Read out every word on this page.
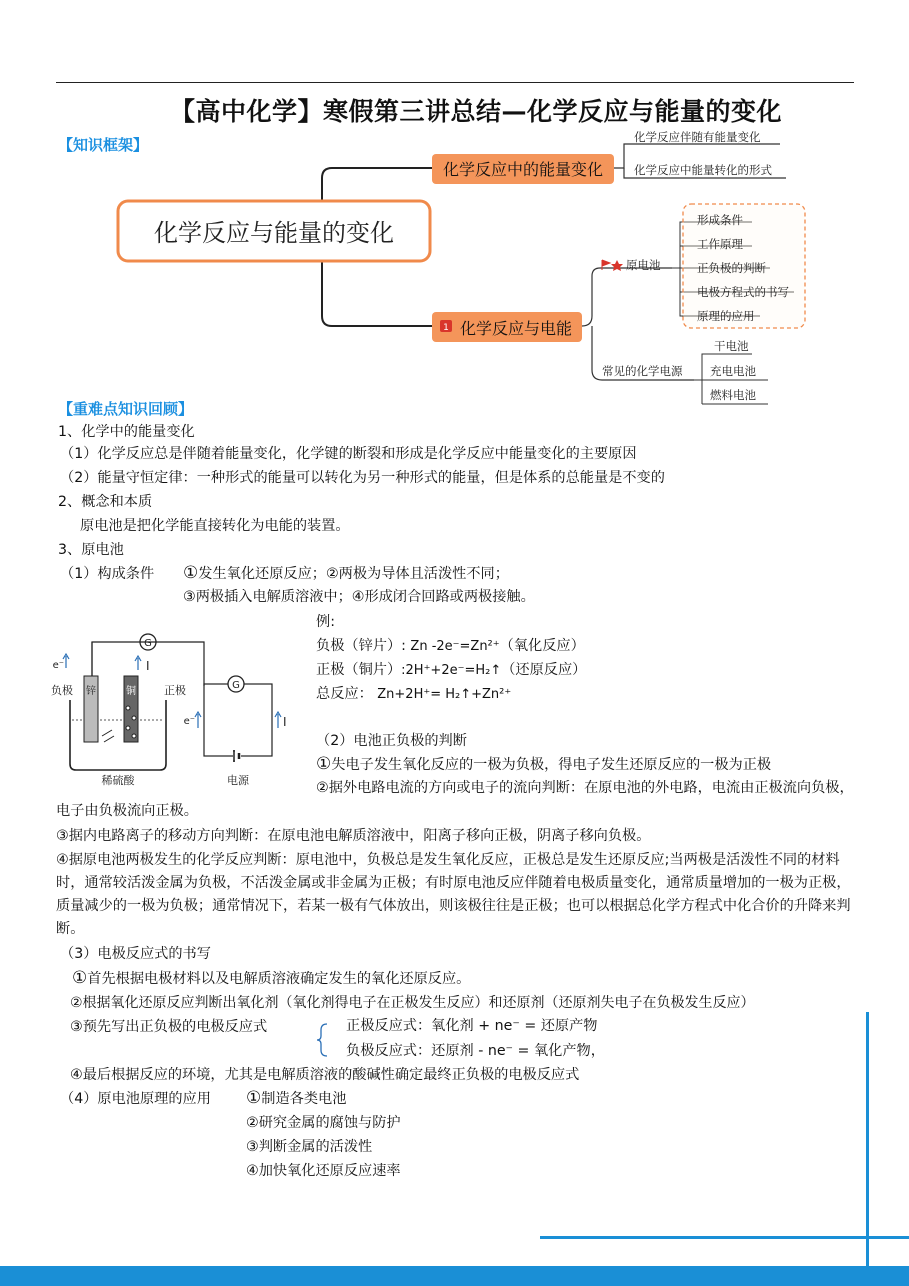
【高中化学】寒假第三讲总结—化学反应与能量的变化
【知识框架】
化学反应与能量的变化
化学反应中的能量变化
化学反应伴随有能量变化
化学反应中能量转化的形式
1 化学反应与电能
原电池
形成条件
工作原理
正负极的判断
电极方程式的书写
原理的应用
常见的化学电源
干电池
充电电池
燃料电池
【重难点知识回顾】
1、化学中的能量变化
（1）化学反应总是伴随着能量变化，化学键的断裂和形成是化学反应中能量变化的主要原因
（2）能量守恒定律：一种形式的能量可以转化为另一种形式的能量，但是体系的总能量是不变的
2、概念和本质
原电池是把化学能直接转化为电能的装置。
3、原电池
（1）构成条件 ①发生氧化还原反应；②两极为导体且活泼性不同；
③两极插入电解质溶液中；④形成闭合回路或两极接触。
G
e⁻	I
锌	铜
负极	正极
稀硫酸
G
e⁻	I
电源
例:
负极（锌片）: Zn -2e⁻=Zn²⁺（氧化反应）
正极（铜片）:2H⁺+2e⁻=H₂↑（还原反应）
总反应： Zn+2H⁺= H₂↑+Zn²⁺
（2）电池正负极的判断
①失电子发生氧化反应的一极为负极，得电子发生还原反应的一极为正极
②据外电路电流的方向或电子的流向判断：在原电池的外电路，电流由正极流向负极，电子由负极流向正极。
③据内电路离子的移动方向判断：在原电池电解质溶液中，阳离子移向正极，阴离子移向负极。
④据原电池两极发生的化学反应判断：原电池中，负极总是发生氧化反应，正极总是发生还原反应;当两极是活泼性不同的材料时，通常较活泼金属为负极，不活泼金属或非金属为正极；有时原电池反应伴随着电极质量变化，通常质量增加的一极为正极，质量减少的一极为负极；通常情况下，若某一极有气体放出，则该极往往是正极；也可以根据总化学方程式中化合价的升降来判断。
（3）电极反应式的书写
①首先根据电极材料以及电解质溶液确定发生的氧化还原反应。
②根据氧化还原反应判断出氧化剂（氧化剂得电子在正极发生反应）和还原剂（还原剂失电子在负极发生反应）
③预先写出正负极的电极反应式	正极反应式：氧化剂 + ne⁻ = 还原产物
负极反应式：还原剂 - ne⁻ = 氧化产物，
④最后根据反应的环境，尤其是电解质溶液的酸碱性确定最终正负极的电极反应式
（4）原电池原理的应用 ①制造各类电池
②研究金属的腐蚀与防护
③判断金属的活泼性
④加快氧化还原反应速率
